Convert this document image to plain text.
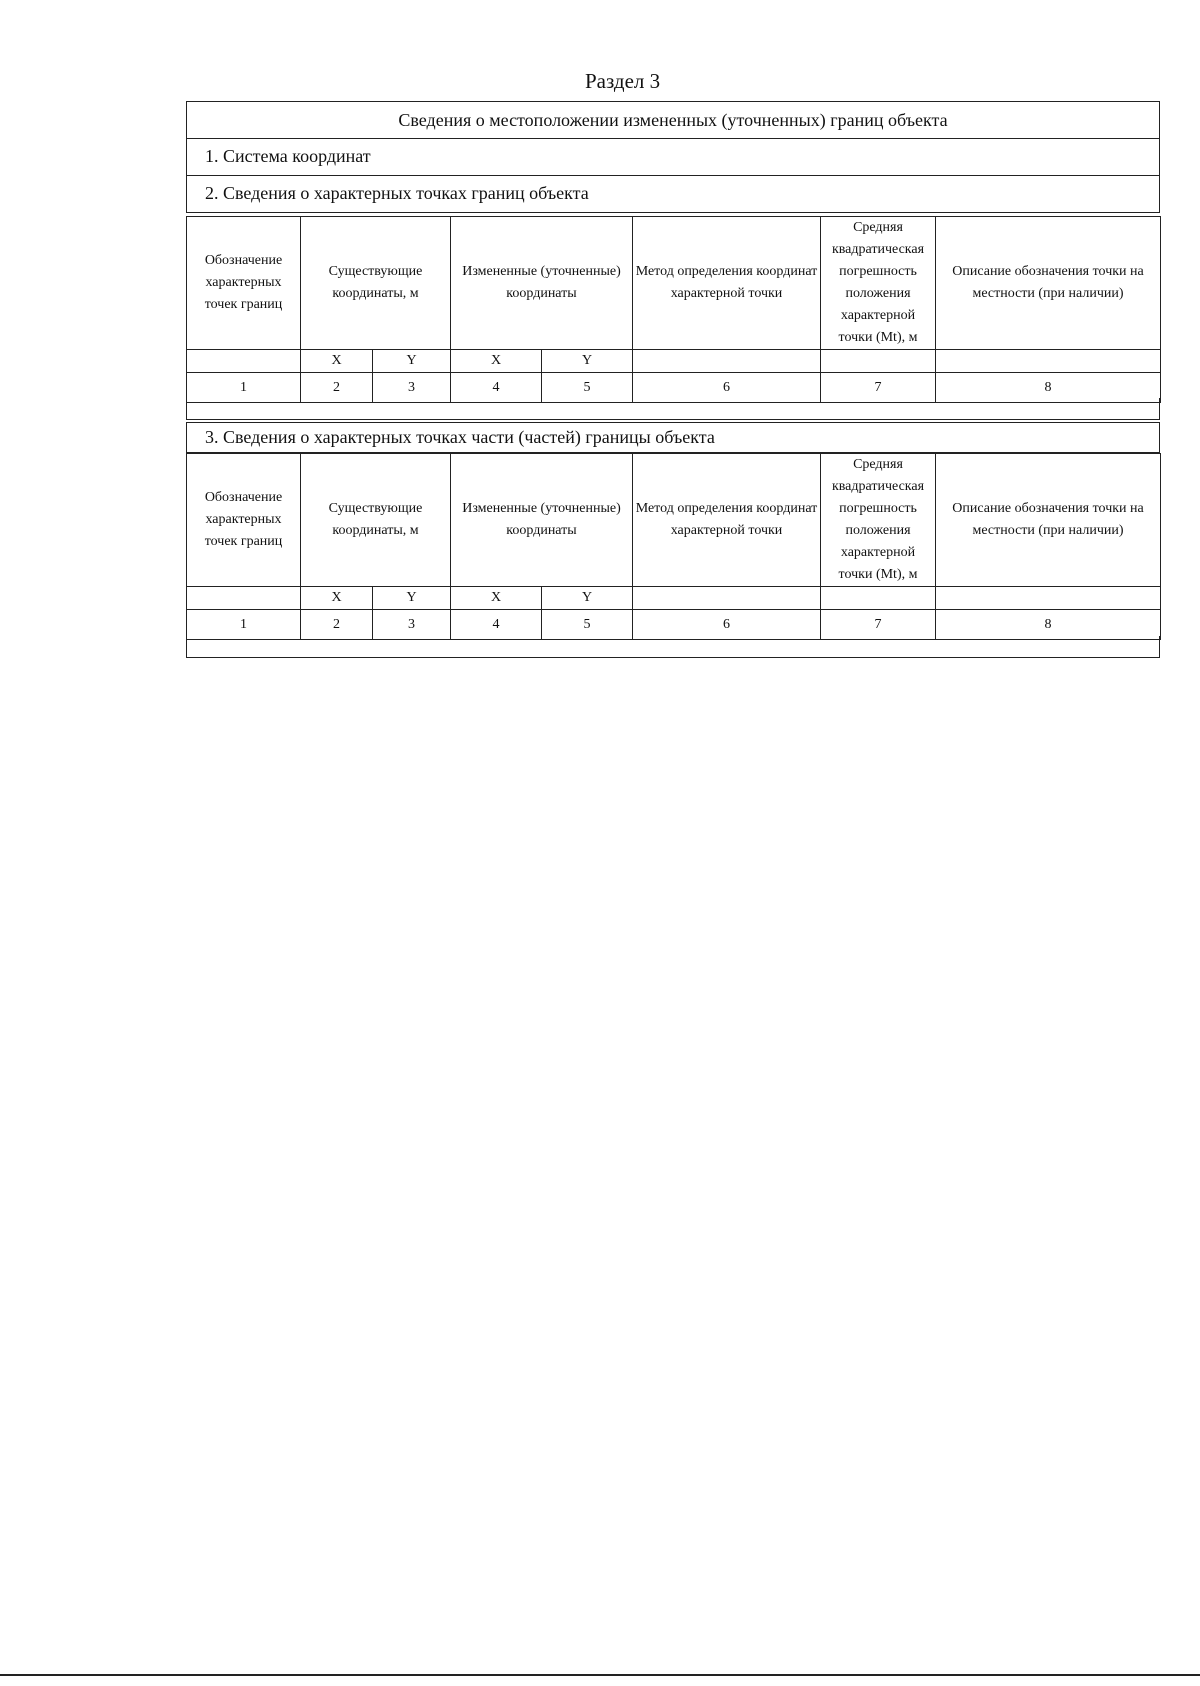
Раздел 3
Сведения о местоположении измененных (уточненных) границ объекта
1. Система координат
2. Сведения о характерных точках границ объекта
Обозначение характерных точек границ	Существующие координаты, м		Измененные (уточненные) координаты		Метод определения координат характерной точки	Средняя квадратическая погрешность положения характерной точки (Mt), м	Описание обозначения точки на местности (при наличии)
	X	Y	X	Y			
1	2	3	4	5	6	7	8
3. Сведения о характерных точках части (частей) границы объекта
Обозначение характерных точек границ	Существующие координаты, м		Измененные (уточненные) координаты		Метод определения координат характерной точки	Средняя квадратическая погрешность положения характерной точки (Mt), м	Описание обозначения точки на местности (при наличии)
	X	Y	X	Y			
1	2	3	4	5	6	7	8
